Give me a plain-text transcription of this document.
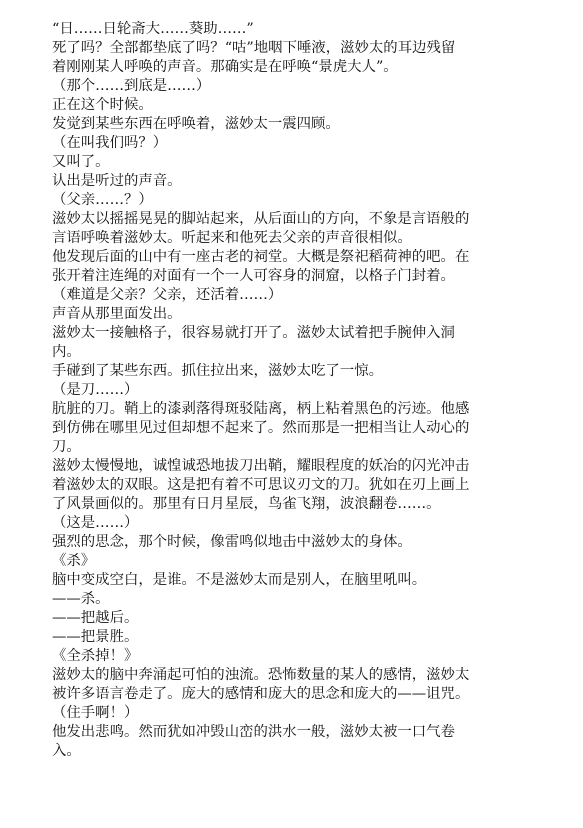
“日……日轮斋大……葵助……”

死了吗？全部都垫底了吗？“咕”地咽下唾液，滋妙太的耳边残留

着刚刚某人呼唤的声音。那确实是在呼唤“景虎大人”。

（那个……到底是……）

正在这个时候。

发觉到某些东西在呼唤着，滋妙太一震四顾。

（在叫我们吗？）

又叫了。

认出是听过的声音。

（父亲……？）

滋妙太以摇摇晃晃的脚站起来，从后面山的方向，不象是言语般的

言语呼唤着滋妙太。听起来和他死去父亲的声音很相似。

他发现后面的山中有一座古老的祠堂。大概是祭祀稻荷神的吧。在

张开着注连绳的对面有一个一人可容身的洞窟，以格子门封着。

（难道是父亲？父亲，还活着……）

声音从那里面发出。

滋妙太一接触格子，很容易就打开了。滋妙太试着把手腕伸入洞

内。

手碰到了某些东西。抓住拉出来，滋妙太吃了一惊。

（是刀……）

肮脏的刀。鞘上的漆剥落得斑驳陆离，柄上粘着黑色的污迹。他感

到仿佛在哪里见过但却想不起来了。然而那是一把相当让人动心的

刀。

滋妙太慢慢地，诚惶诚恐地拔刀出鞘，耀眼程度的妖冶的闪光冲击

着滋妙太的双眼。这是把有着不可思议刃文的刀。犹如在刃上画上

了风景画似的。那里有日月星辰，鸟雀飞翔，波浪翻卷……。

（这是……）

强烈的思念，那个时候，像雷鸣似地击中滋妙太的身体。

《杀》

脑中变成空白，是谁。不是滋妙太而是别人，在脑里吼叫。

——杀。

——把越后。

——把景胜。

《全杀掉！》

滋妙太的脑中奔涌起可怕的浊流。恐怖数量的某人的感情，滋妙太

被许多语言卷走了。庞大的感情和庞大的思念和庞大的——诅咒。

（住手啊！）

他发出悲鸣。然而犹如冲毁山峦的洪水一般，滋妙太被一口气卷

入。
